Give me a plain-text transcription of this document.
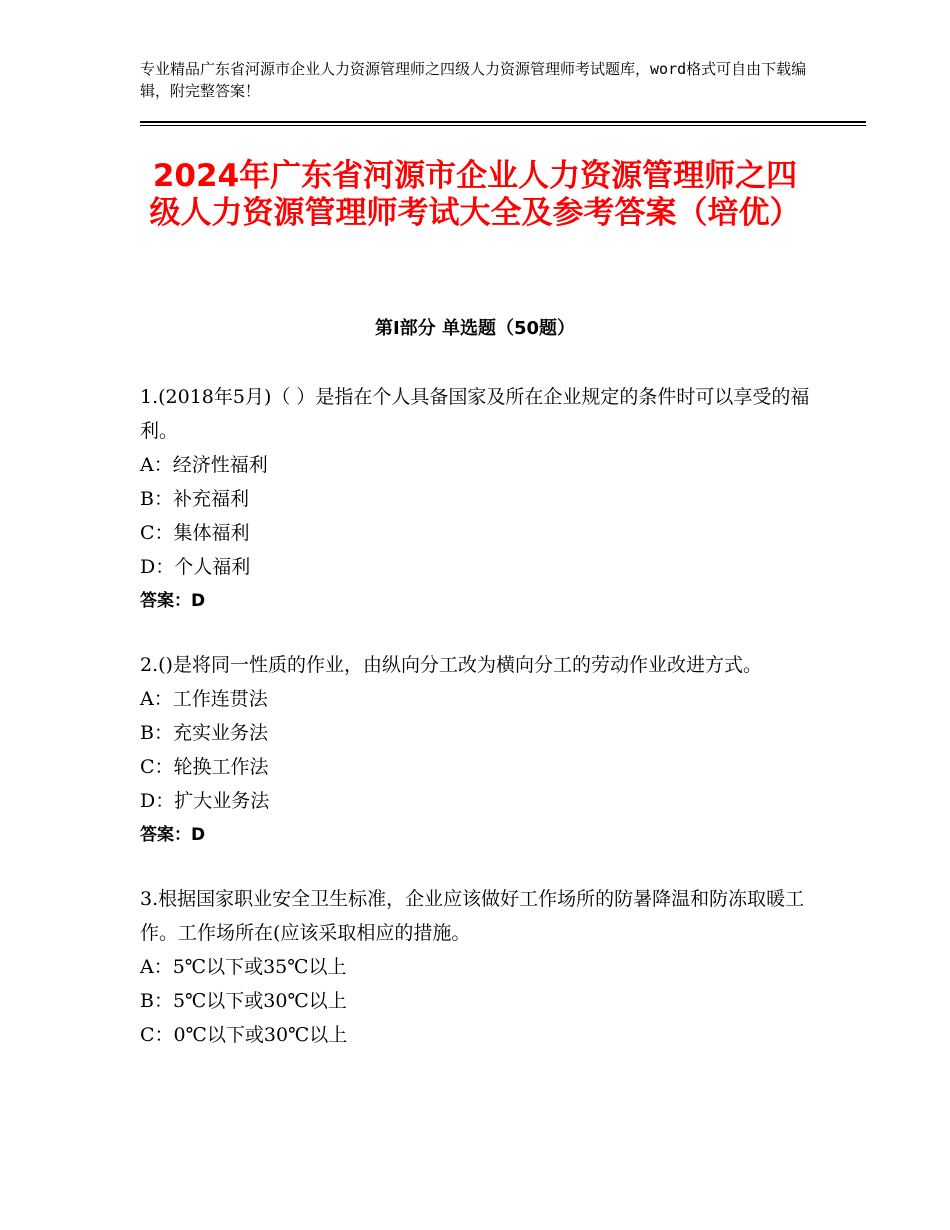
专业精品广东省河源市企业人力资源管理师之四级人力资源管理师考试题库，word格式可自由下载编辑，附完整答案！
2024年广东省河源市企业人力资源管理师之四级人力资源管理师考试大全及参考答案（培优）
第Ⅰ部分 单选题（50题）

1.(2018年5月)（ ）是指在个人具备国家及所在企业规定的条件时可以享受的福利。

A：经济性福利

B：补充福利

C：集体福利

D：个人福利

答案：D

2.()是将同一性质的作业，由纵向分工改为横向分工的劳动作业改进方式。

A：工作连贯法

B：充实业务法

C：轮换工作法

D：扩大业务法

答案：D

3.根据国家职业安全卫生标准，企业应该做好工作场所的防暑降温和防冻取暖工作。工作场所在(应该采取相应的措施。

A：5℃以下或35℃以上

B：5℃以下或30℃以上

C：0℃以下或30℃以上
